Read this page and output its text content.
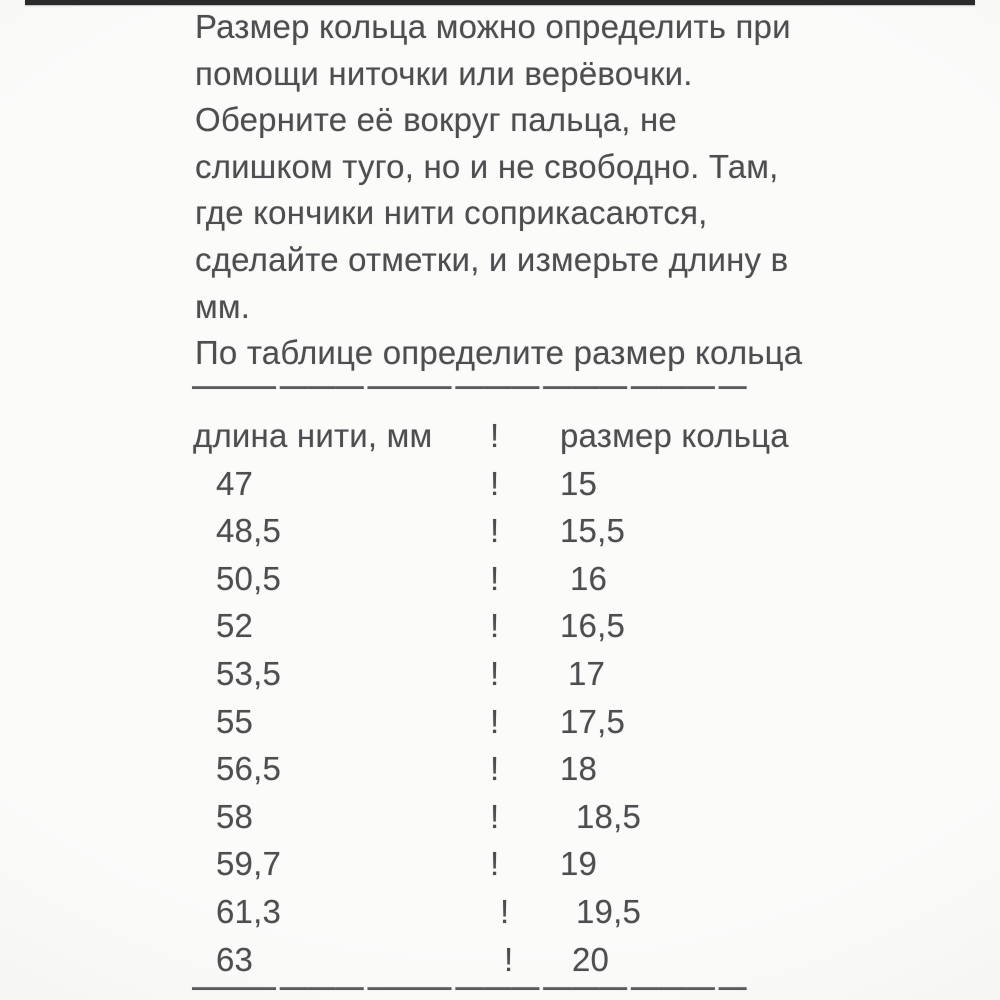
Размер кольца можно определить при
помощи ниточки или верёвочки.
Оберните её вокруг пальца, не
слишком туго, но и не свободно. Там,
где кончики нити соприкасаются,
сделайте отметки, и измерьте длину в
мм.
По таблице определите размер кольца
——— ——— ——— ——— ——— ——— —
длина нити, мм	!	размер кольца
47	!	15
48,5	!	15,5
50,5	!	16
52	!	16,5
53,5	!	17
55	!	17,5
56,5	!	18
58	!	18,5
59,7	!	19
61,3	!	19,5
63	!	20
——— ——— ——— ——— ——— ——— —
